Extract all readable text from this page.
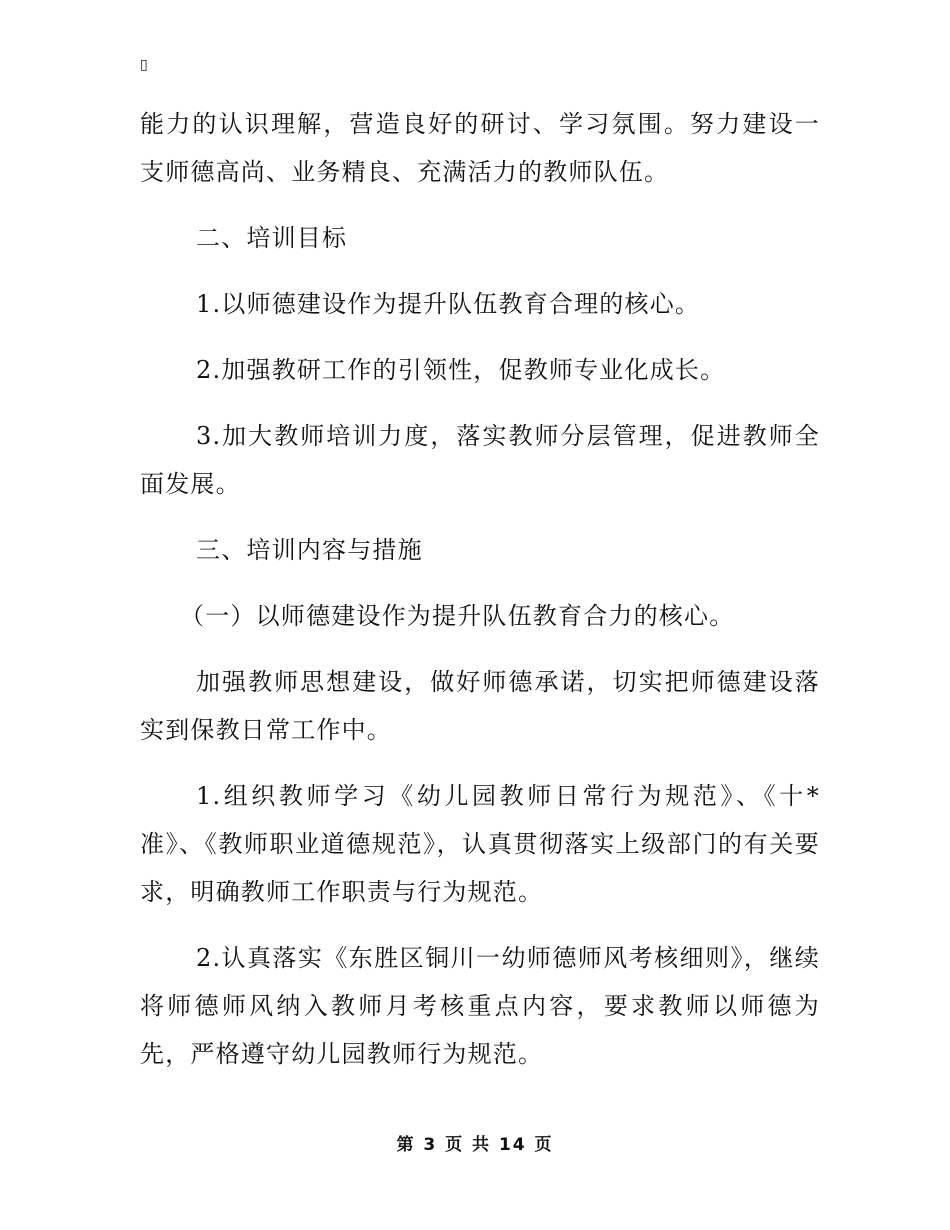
▯

能力的认识理解，营造良好的研讨、学习氛围。努力建设一支师德高尚、业务精良、充满活力的教师队伍。

二、培训目标

1.以师德建设作为提升队伍教育合理的核心。

2.加强教研工作的引领性，促教师专业化成长。

3.加大教师培训力度，落实教师分层管理，促进教师全面发展。

三、培训内容与措施

（一）以师德建设作为提升队伍教育合力的核心。

加强教师思想建设，做好师德承诺，切实把师德建设落实到保教日常工作中。

1.组织教师学习《幼儿园教师日常行为规范》、《十*准》、《教师职业道德规范》，认真贯彻落实上级部门的有关要求，明确教师工作职责与行为规范。

2.认真落实《东胜区铜川一幼师德师风考核细则》，继续将师德师风纳入教师月考核重点内容，要求教师以师德为先，严格遵守幼儿园教师行为规范。

第 3 页 共 14 页
